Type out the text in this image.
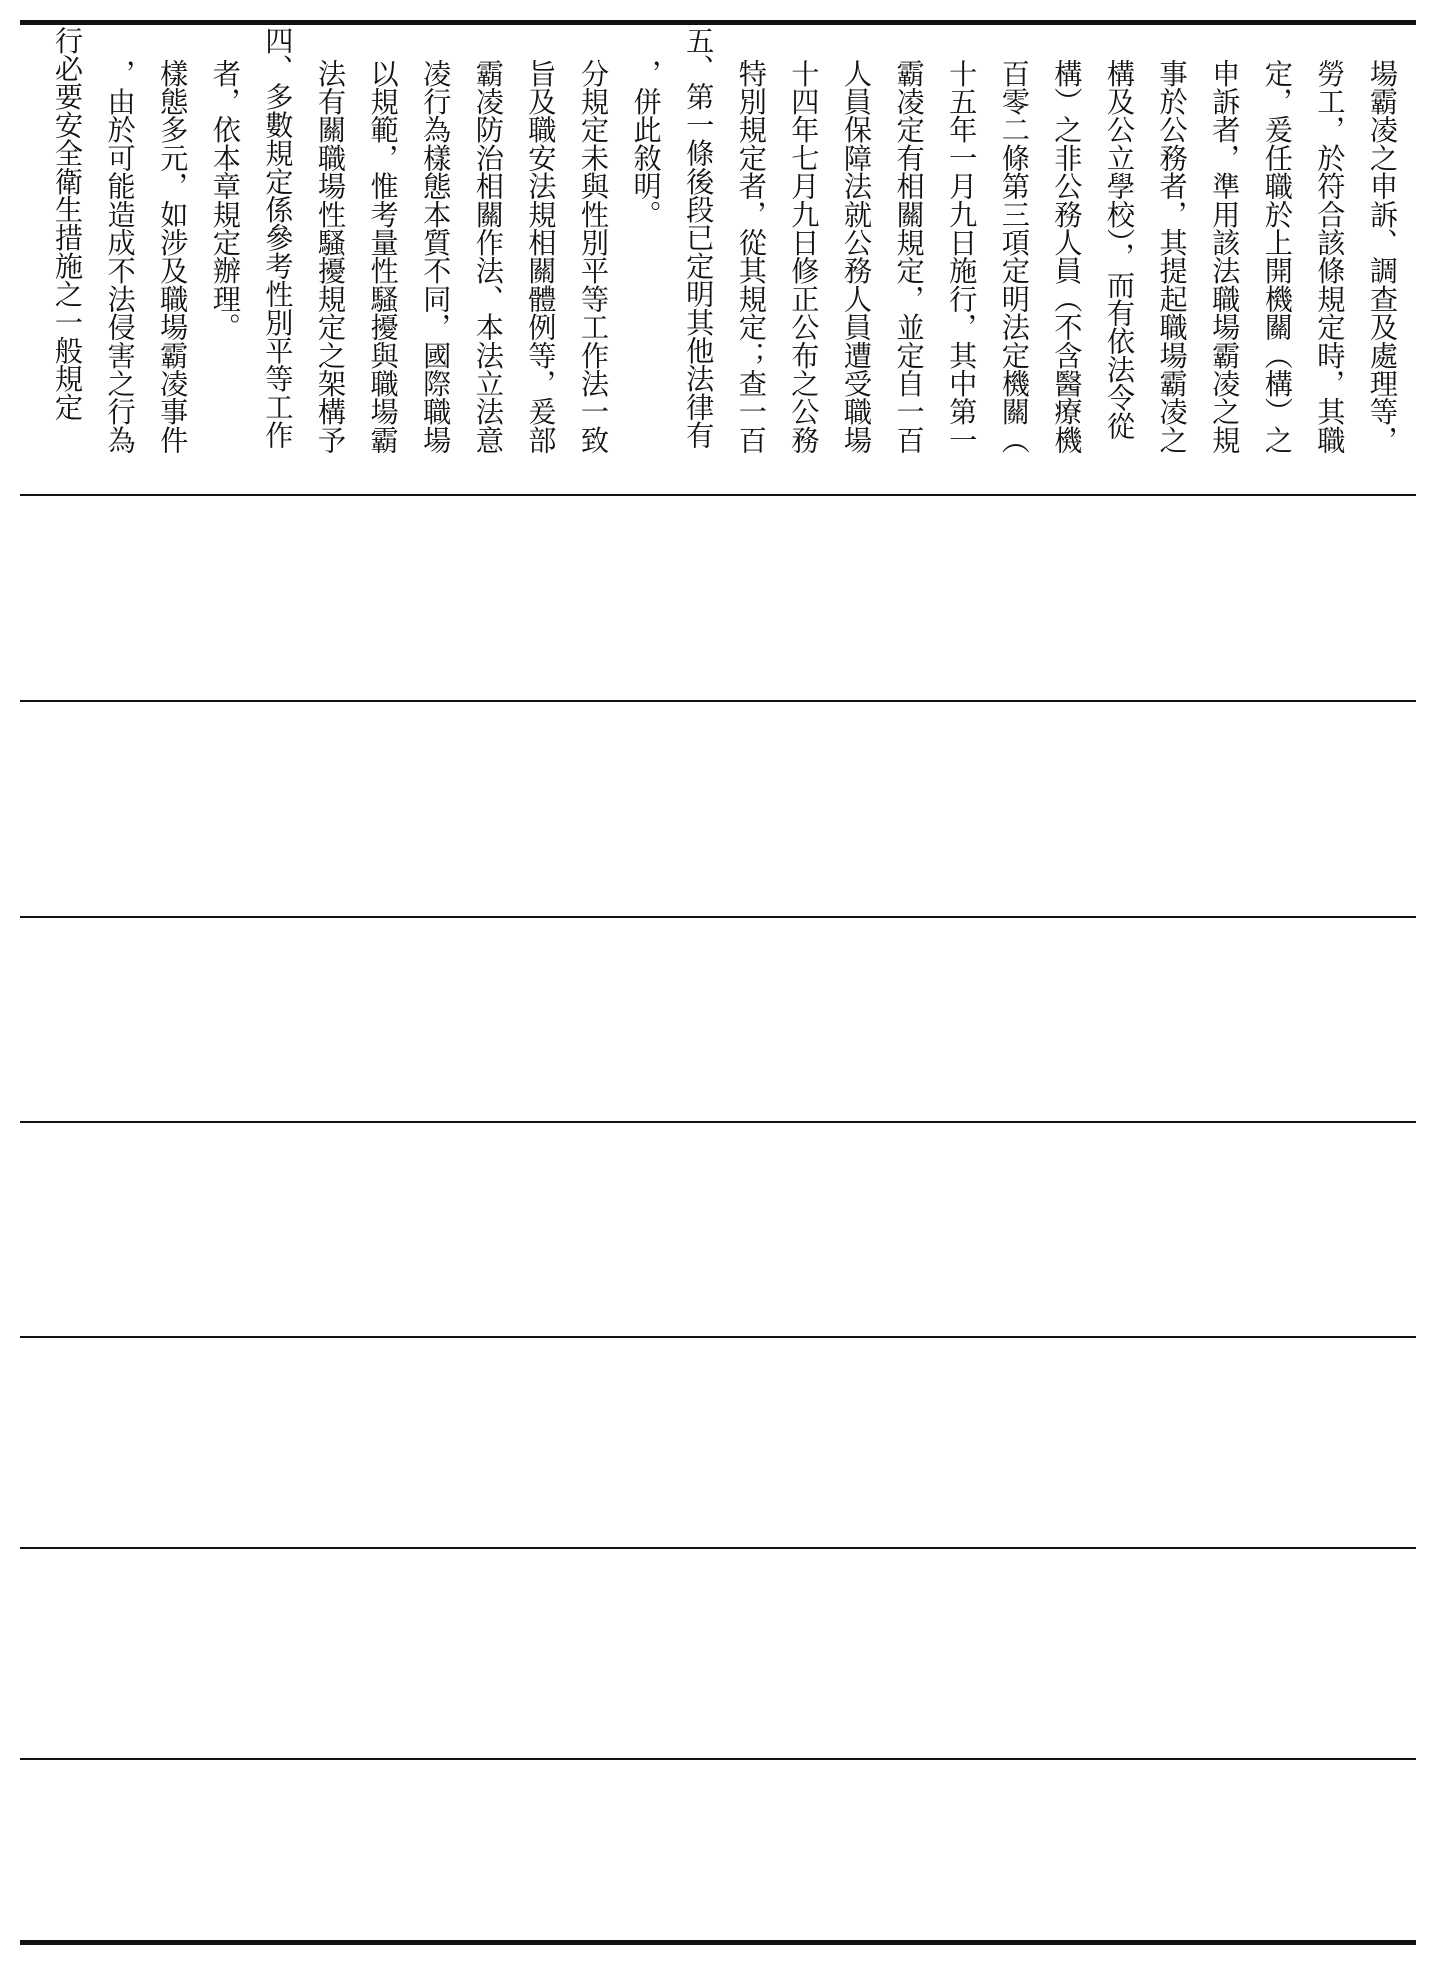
行必要安全衛生措施之一般規定 ，由於可能造成不法侵害之行為 樣態多元，如涉及職場霸凌事件 者，依本章規定辦理。 四、多數規定係參考性別平等工作 法有關職場性騷擾規定之架構予 以規範，惟考量性騷擾與職場霸 凌行為樣態本質不同，國際職場 霸凌防治相關作法、本法立法意 旨及職安法規相關體例等，爰部 分規定未與性別平等工作法一致 ，併此敘明。 五、第一條後段已定明其他法律有 特別規定者，從其規定；查一百 十四年七月九日修正公布之公務 人員保障法就公務人員遭受職場 霸凌定有相關規定，並定自一百 十五年一月九日施行，其中第一 百零二條第三項定明法定機關（ 構）之非公務人員（不含醫療機 構及公立學校），而有依法令從 事於公務者，其提起職場霸凌之 申訴者，準用該法職場霸凌之規 定，爰任職於上開機關（構）之 勞工，於符合該條規定時，其職 場霸凌之申訴、調查及處理等，
